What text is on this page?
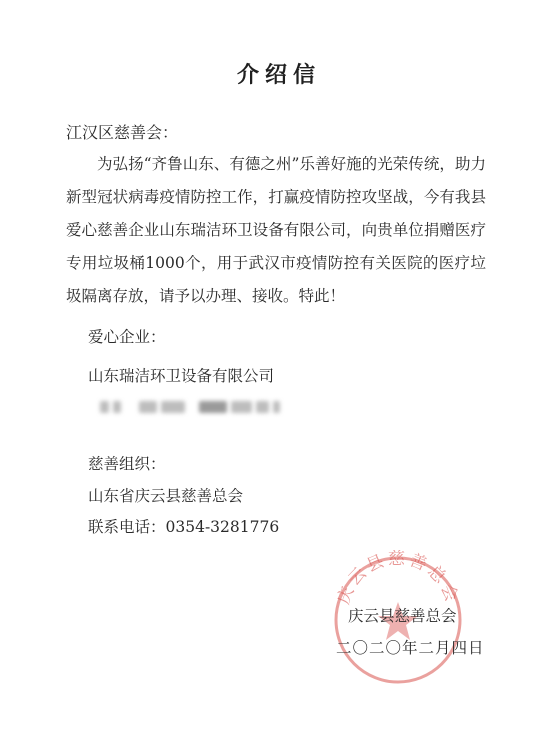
介绍信
江汉区慈善会：

为弘扬“齐鲁山东、有德之州”乐善好施的光荣传统，助力新型冠状病毒疫情防控工作，打赢疫情防控攻坚战，今有我县爱心慈善企业山东瑞洁环卫设备有限公司，向贵单位捐赠医疗专用垃圾桶1000个，用于武汉市疫情防控有关医院的医疗垃圾隔离存放，请予以办理、接收。特此！

爱心企业：
山东瑞洁环卫设备有限公司
慈善组织：
山东省庆云县慈善总会
联系电话：0354-3281776
庆云县慈善总会
庆云县慈善总会
二〇二〇年二月四日
